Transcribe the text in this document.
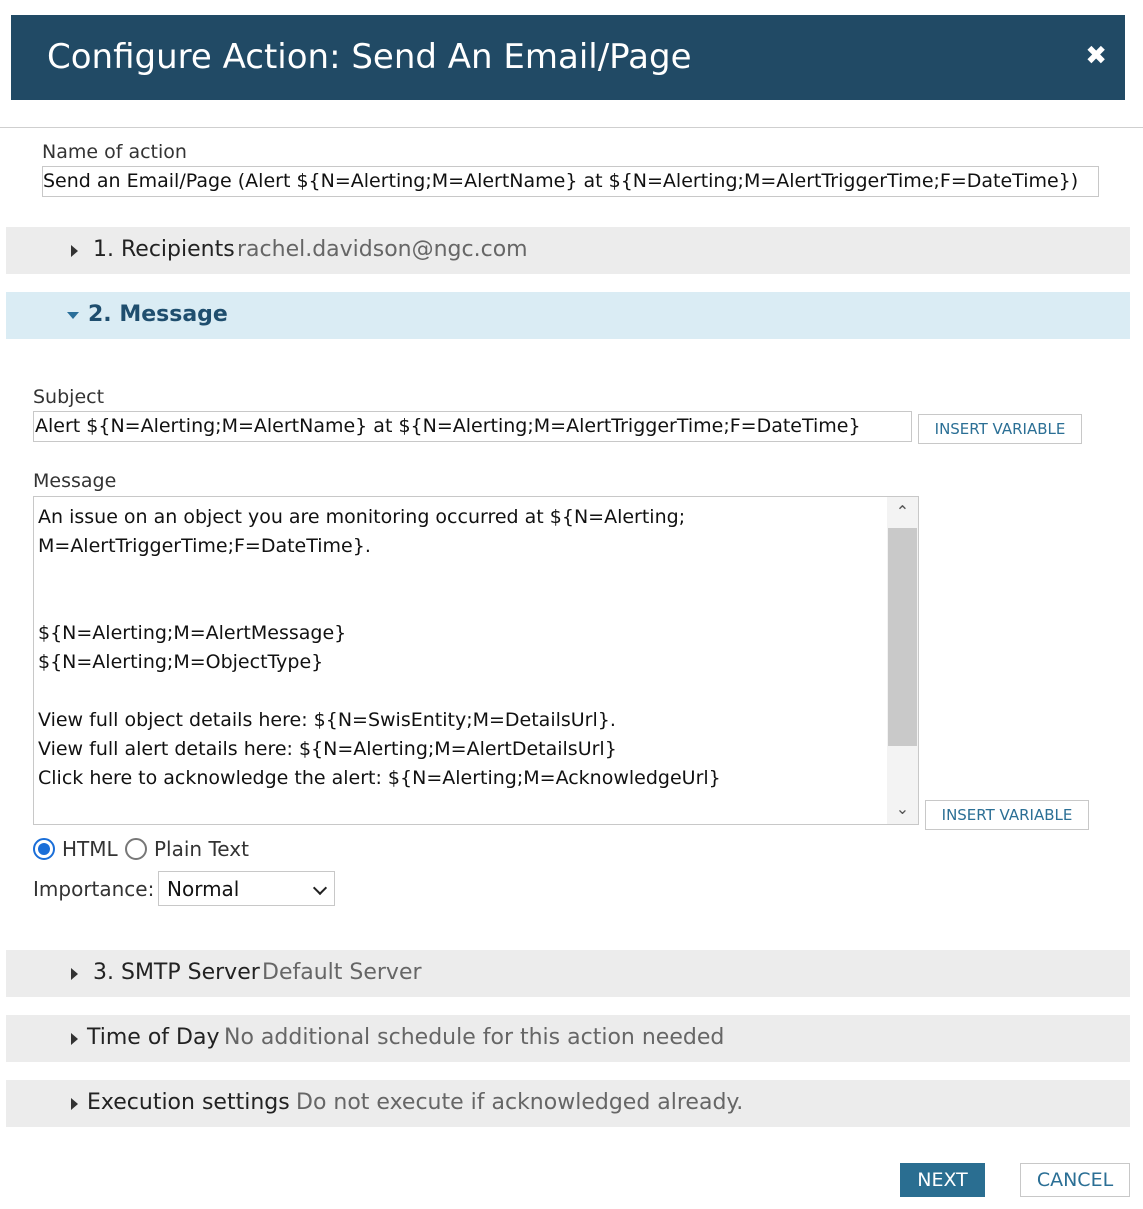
Configure Action: Send An Email/Page	✖
Name of action
Send an Email/Page (Alert ${N=Alerting;M=AlertName} at ${N=Alerting;M=AlertTriggerTime;F=DateTime})
1. Recipients rachel.davidson@ngc.com
2. Message
Subject
Alert ${N=Alerting;M=AlertName} at ${N=Alerting;M=AlertTriggerTime;F=DateTime}	INSERT VARIABLE
Message
An issue on an object you are monitoring occurred at ${N=Alerting;
M=AlertTriggerTime;F=DateTime}.

${N=Alerting;M=AlertMessage}
${N=Alerting;M=ObjectType}

View full object details here: ${N=SwisEntity;M=DetailsUrl}.
View full alert details here: ${N=Alerting;M=AlertDetailsUrl}
Click here to acknowledge the alert: ${N=Alerting;M=AcknowledgeUrl}
⌃
⌄	INSERT VARIABLE
HTML Plain Text
Importance: Normal
3. SMTP Server Default Server
Time of Day No additional schedule for this action needed
Execution settings Do not execute if acknowledged already.
NEXT	CANCEL
